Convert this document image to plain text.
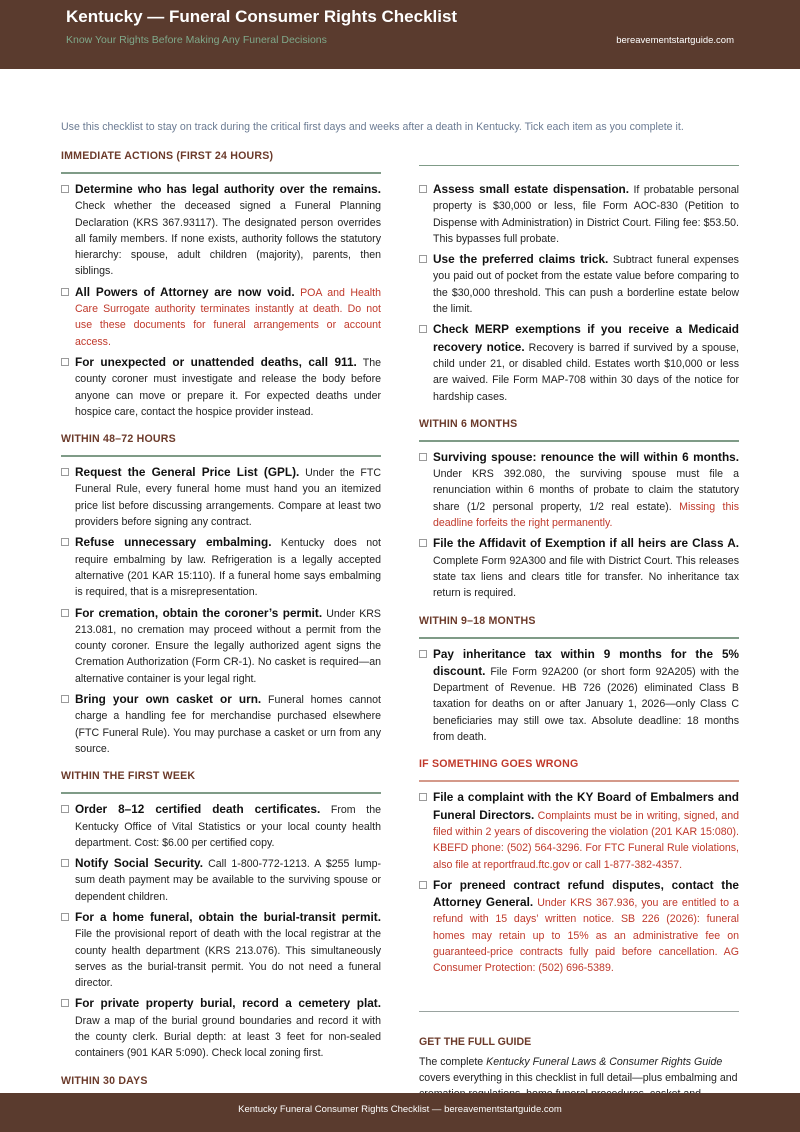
Kentucky — Funeral Consumer Rights Checklist
Know Your Rights Before Making Any Funeral Decisions	bereavementstartguide.com
Use this checklist to stay on track during the critical first days and weeks after a death in Kentucky. Tick each item as you complete it.
IMMEDIATE ACTIONS (FIRST 24 HOURS)
Determine who has legal authority over the remains. Check whether the deceased signed a Funeral Planning Declaration (KRS 367.93117). The designated person overrides all family members. If none exists, authority follows the statutory hierarchy: spouse, adult children (majority), parents, then siblings.
All Powers of Attorney are now void. POA and Health Care Surrogate authority terminates instantly at death. Do not use these documents for funeral arrangements or account access.
For unexpected or unattended deaths, call 911. The county coroner must investigate and release the body before anyone can move or prepare it. For expected deaths under hospice care, contact the hospice provider instead.
WITHIN 48–72 HOURS
Request the General Price List (GPL). Under the FTC Funeral Rule, every funeral home must hand you an itemized price list before discussing arrangements. Compare at least two providers before signing any contract.
Refuse unnecessary embalming. Kentucky does not require embalming by law. Refrigeration is a legally accepted alternative (201 KAR 15:110). If a funeral home says embalming is required, that is a misrepresentation.
For cremation, obtain the coroner’s permit. Under KRS 213.081, no cremation may proceed without a permit from the county coroner. Ensure the legally authorized agent signs the Cremation Authorization (Form CR-1). No casket is required—an alternative container is your legal right.
Bring your own casket or urn. Funeral homes cannot charge a handling fee for merchandise purchased elsewhere (FTC Funeral Rule). You may purchase a casket or urn from any source.
WITHIN THE FIRST WEEK
Order 8–12 certified death certificates. From the Kentucky Office of Vital Statistics or your local county health department. Cost: $6.00 per certified copy.
Notify Social Security. Call 1-800-772-1213. A $255 lump-sum death payment may be available to the surviving spouse or dependent children.
For a home funeral, obtain the burial-transit permit. File the provisional report of death with the local registrar at the county health department (KRS 213.076). This simultaneously serves as the burial-transit permit. You do not need a funeral director.
For private property burial, record a cemetery plat. Draw a map of the burial ground boundaries and record it with the county clerk. Burial depth: at least 3 feet for non-sealed containers (901 KAR 5:090). Check local zoning first.
WITHIN 30 DAYS
Assess small estate dispensation. If probatable personal property is $30,000 or less, file Form AOC-830 (Petition to Dispense with Administration) in District Court. Filing fee: $53.50. This bypasses full probate.
Use the preferred claims trick. Subtract funeral expenses you paid out of pocket from the estate value before comparing to the $30,000 threshold. This can push a borderline estate below the limit.
Check MERP exemptions if you receive a Medicaid recovery notice. Recovery is barred if survived by a spouse, child under 21, or disabled child. Estates worth $10,000 or less are waived. File Form MAP-708 within 30 days of the notice for hardship cases.
WITHIN 6 MONTHS
Surviving spouse: renounce the will within 6 months. Under KRS 392.080, the surviving spouse must file a renunciation within 6 months of probate to claim the statutory share (1/2 personal property, 1/2 real estate). Missing this deadline forfeits the right permanently.
File the Affidavit of Exemption if all heirs are Class A. Complete Form 92A300 and file with District Court. This releases state tax liens and clears title for transfer. No inheritance tax return is required.
WITHIN 9–18 MONTHS
Pay inheritance tax within 9 months for the 5% discount. File Form 92A200 (or short form 92A205) with the Department of Revenue. HB 726 (2026) eliminated Class B taxation for deaths on or after January 1, 2026—only Class C beneficiaries may still owe tax. Absolute deadline: 18 months from death.
IF SOMETHING GOES WRONG
File a complaint with the KY Board of Embalmers and Funeral Directors. Complaints must be in writing, signed, and filed within 2 years of discovering the violation (201 KAR 15:080). KBEFD phone: (502) 564-3296. For FTC Funeral Rule violations, also file at reportfraud.ftc.gov or call 1-877-382-4357.
For preneed contract refund disputes, contact the Attorney General. Under KRS 367.936, you are entitled to a refund with 15 days’ written notice. SB 226 (2026): funeral homes may retain up to 15% as an administrative fee on guaranteed-price contracts fully paid before cancellation. AG Consumer Protection: (502) 696-5389.
GET THE FULL GUIDE
The complete Kentucky Funeral Laws & Consumer Rights Guide covers everything in this checklist in full detail—plus embalming and
Kentucky Funeral Consumer Rights Checklist — bereavementstartguide.com
